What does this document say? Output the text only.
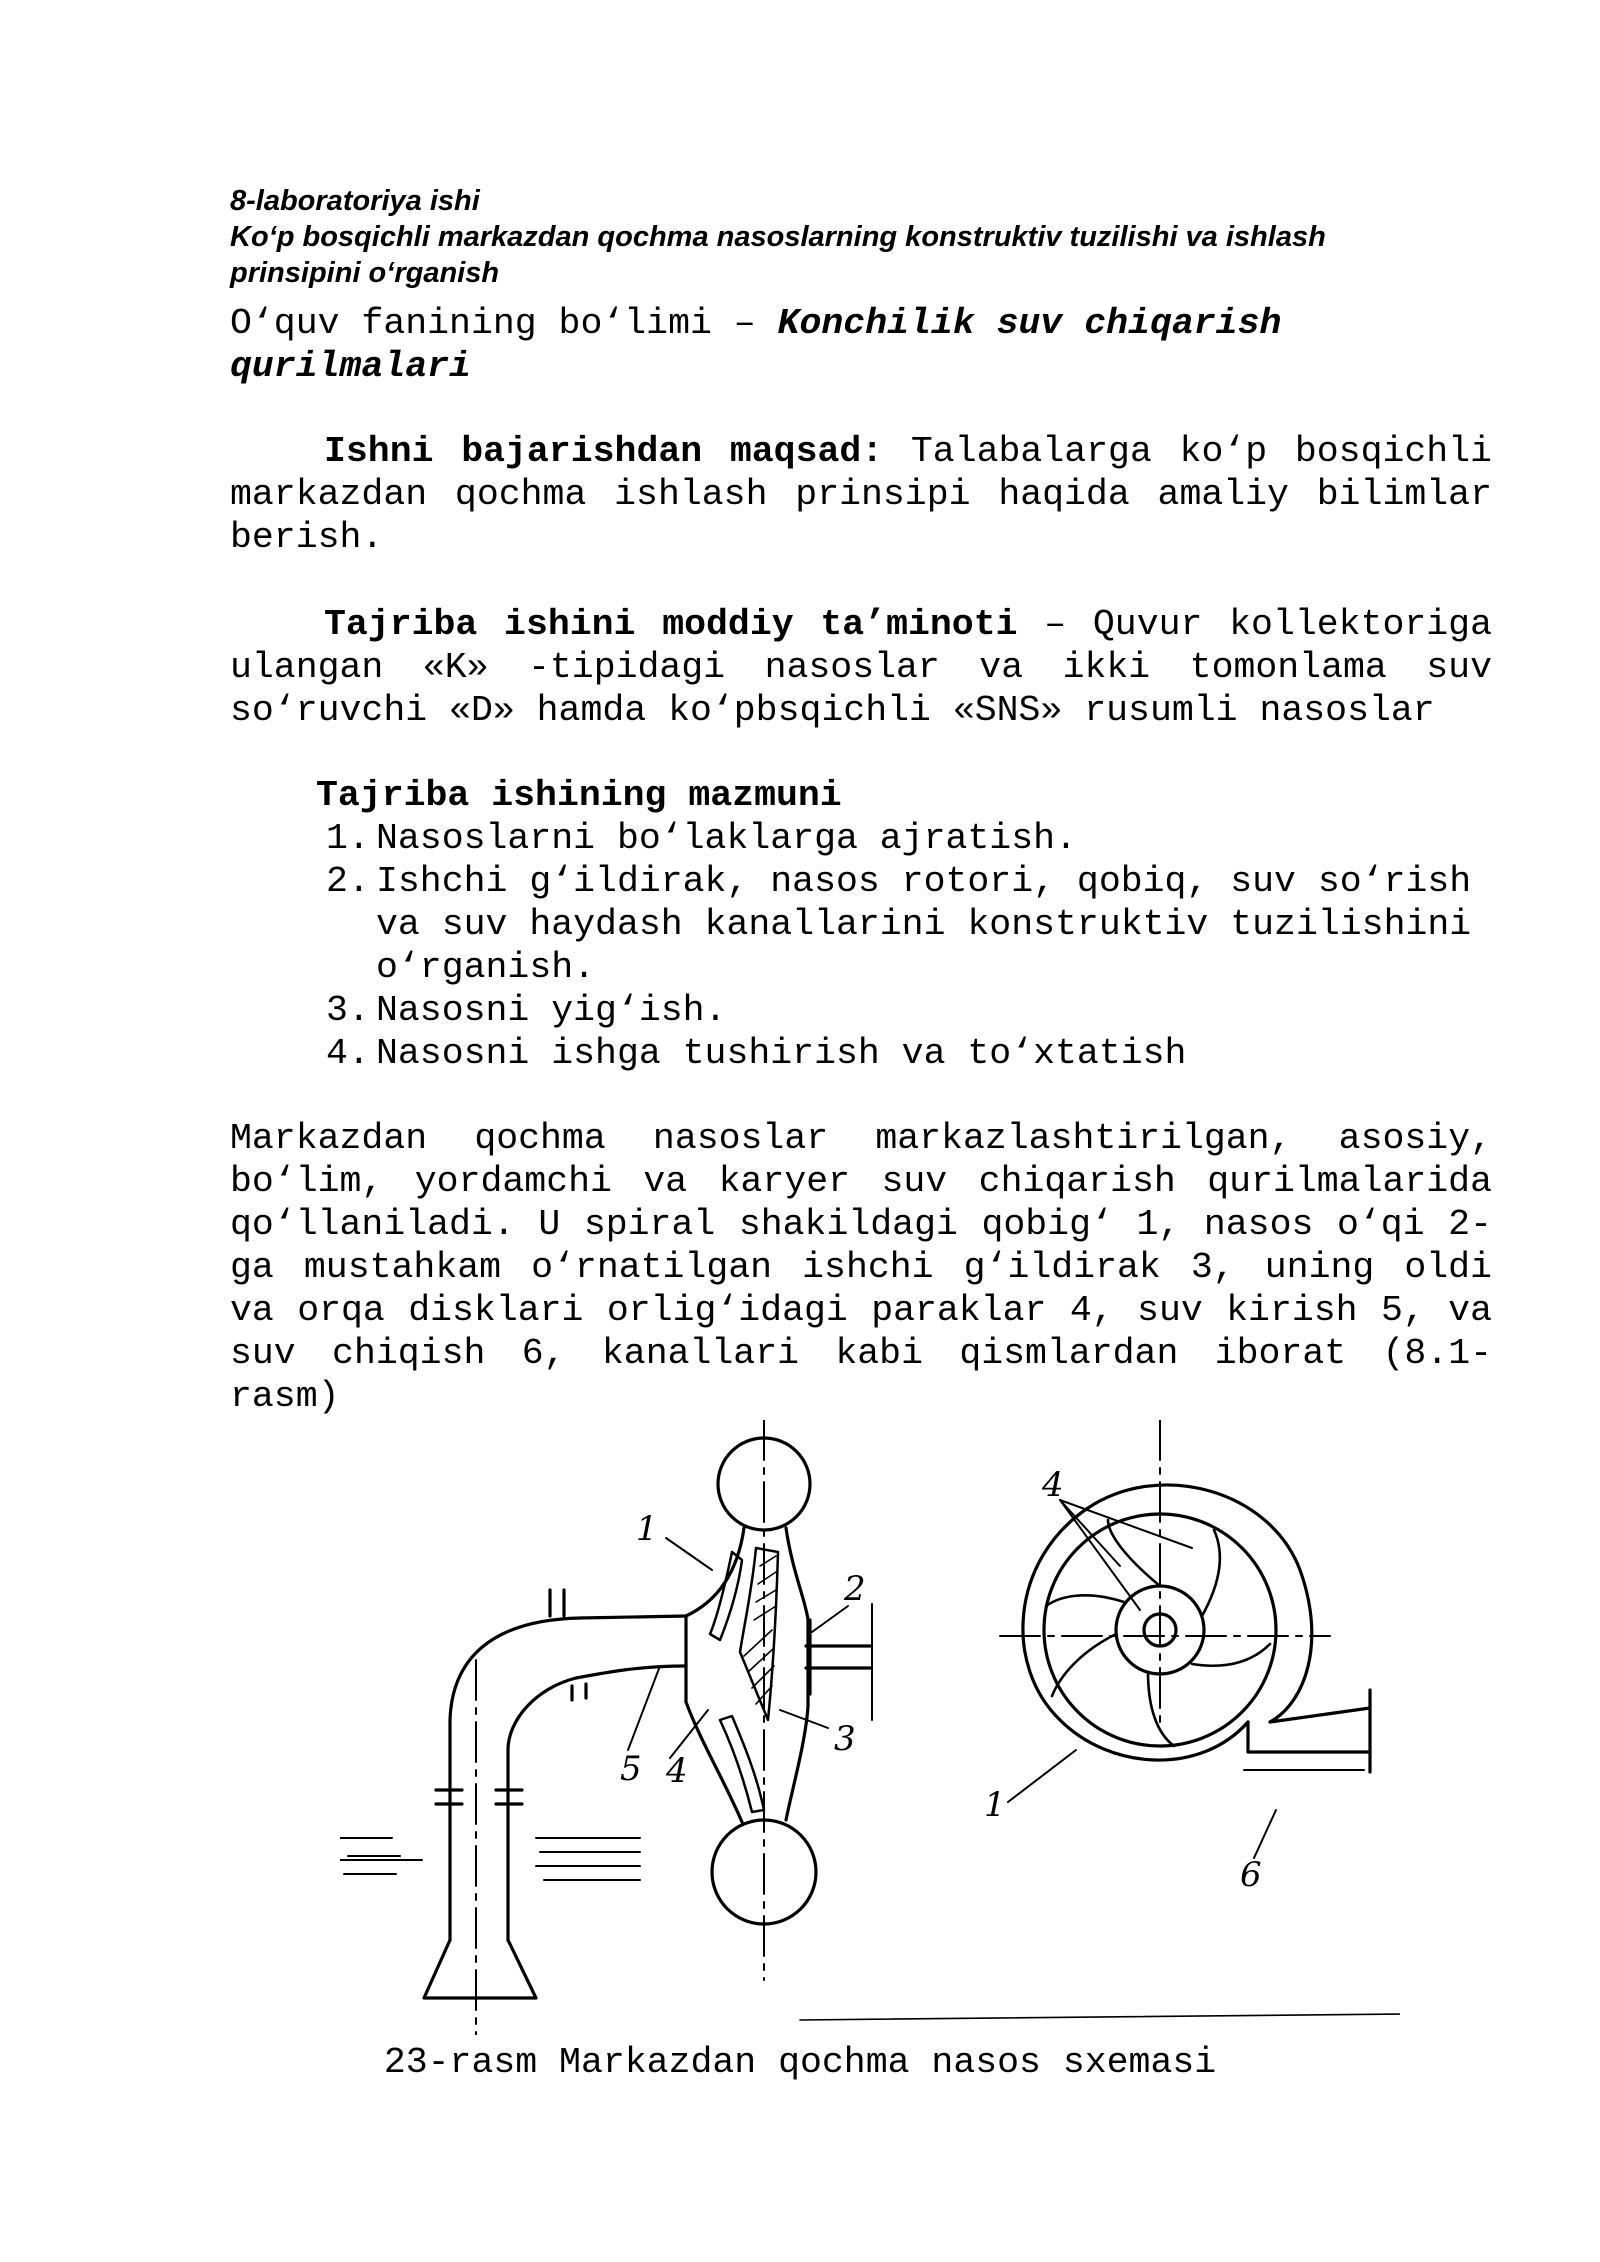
8-laboratoriya ishi
Ko‘p bosqichli markazdan qochma nasoslarning konstruktiv tuzilishi va ishlash
prinsipini o‘rganish
O‘quv fanining bo‘limi – Konchilik suv chiqarish
qurilmalari
Ishni bajarishdan maqsad: Talabalarga ko‘p bosqichli markazdan qochma ishlash prinsipi haqida amaliy bilimlar berish.
Tajriba ishini moddiy ta’minoti – Quvur kollektoriga ulangan «K» -tipidagi nasoslar va ikki tomonlama suv so‘ruvchi «D» hamda ko‘pbsqichli «SNS» rusumli nasoslar
Tajriba ishining mazmuni
1. Nasoslarni bo‘laklarga ajratish.
2. Ishchi g‘ildirak, nasos rotori, qobiq, suv so‘rish va suv haydash kanallarini konstruktiv tuzilishini o‘rganish.
3. Nasosni yig‘ish.
4. Nasosni ishga tushirish va to‘xtatish
Markazdan qochma nasoslar markazlashtirilgan, asosiy, bo‘lim, yordamchi va karyer suv chiqarish qurilmalarida qo‘llaniladi. U spiral shakildagi qobig‘ 1, nasos o‘qi 2-ga mustahkam o‘rnatilgan ishchi g‘ildirak 3, uning oldi va orqa disklari orlig‘idagi paraklar 4, suv kirish 5, va suv chiqish 6, kanallari kabi qismlardan iborat (8.1-rasm)
1
2
3
4
5
4
1
6
23-rasm Markazdan qochma nasos sxemasi
